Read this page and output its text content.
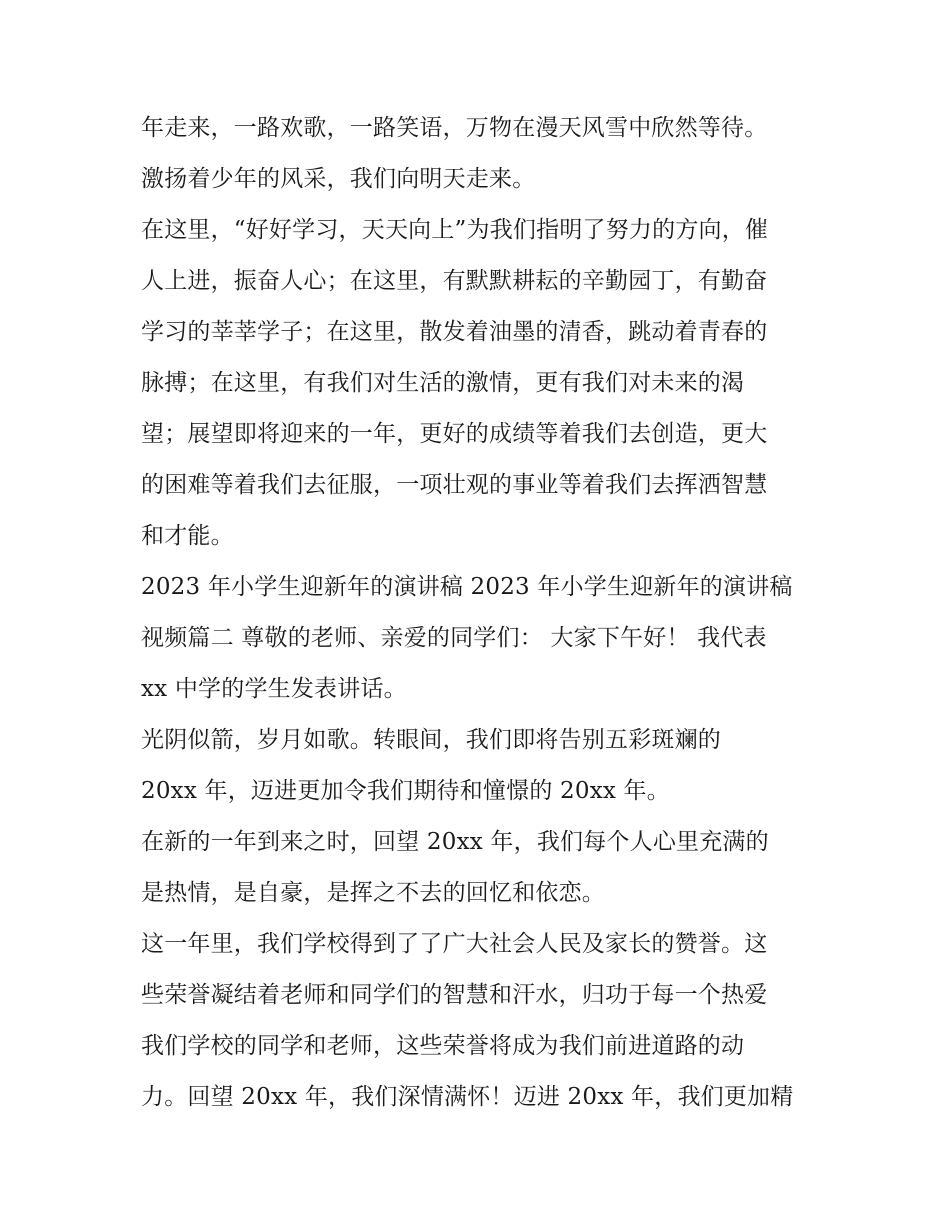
年走来，一路欢歌，一路笑语，万物在漫天风雪中欣然等待。
激扬着少年的风采，我们向明天走来。
在这里，“好好学习，天天向上”为我们指明了努力的方向，催
人上进，振奋人心；在这里，有默默耕耘的辛勤园丁，有勤奋
学习的莘莘学子；在这里，散发着油墨的清香，跳动着青春的
脉搏；在这里，有我们对生活的激情，更有我们对未来的渴
望；展望即将迎来的一年，更好的成绩等着我们去创造，更大
的困难等着我们去征服，一项壮观的事业等着我们去挥洒智慧
和才能。
2023 年小学生迎新年的演讲稿 2023 年小学生迎新年的演讲稿
视频篇二 尊敬的老师、亲爱的同学们： 大家下午好！ 我代表
xx 中学的学生发表讲话。
光阴似箭，岁月如歌。转眼间，我们即将告别五彩斑斓的
20xx 年，迈进更加令我们期待和憧憬的 20xx 年。
在新的一年到来之时，回望 20xx 年，我们每个人心里充满的
是热情，是自豪，是挥之不去的回忆和依恋。
这一年里，我们学校得到了了广大社会人民及家长的赞誉。这
些荣誉凝结着老师和同学们的智慧和汗水，归功于每一个热爱
我们学校的同学和老师，这些荣誉将成为我们前进道路的动
力。回望 20xx 年，我们深情满怀！迈进 20xx 年，我们更加精
